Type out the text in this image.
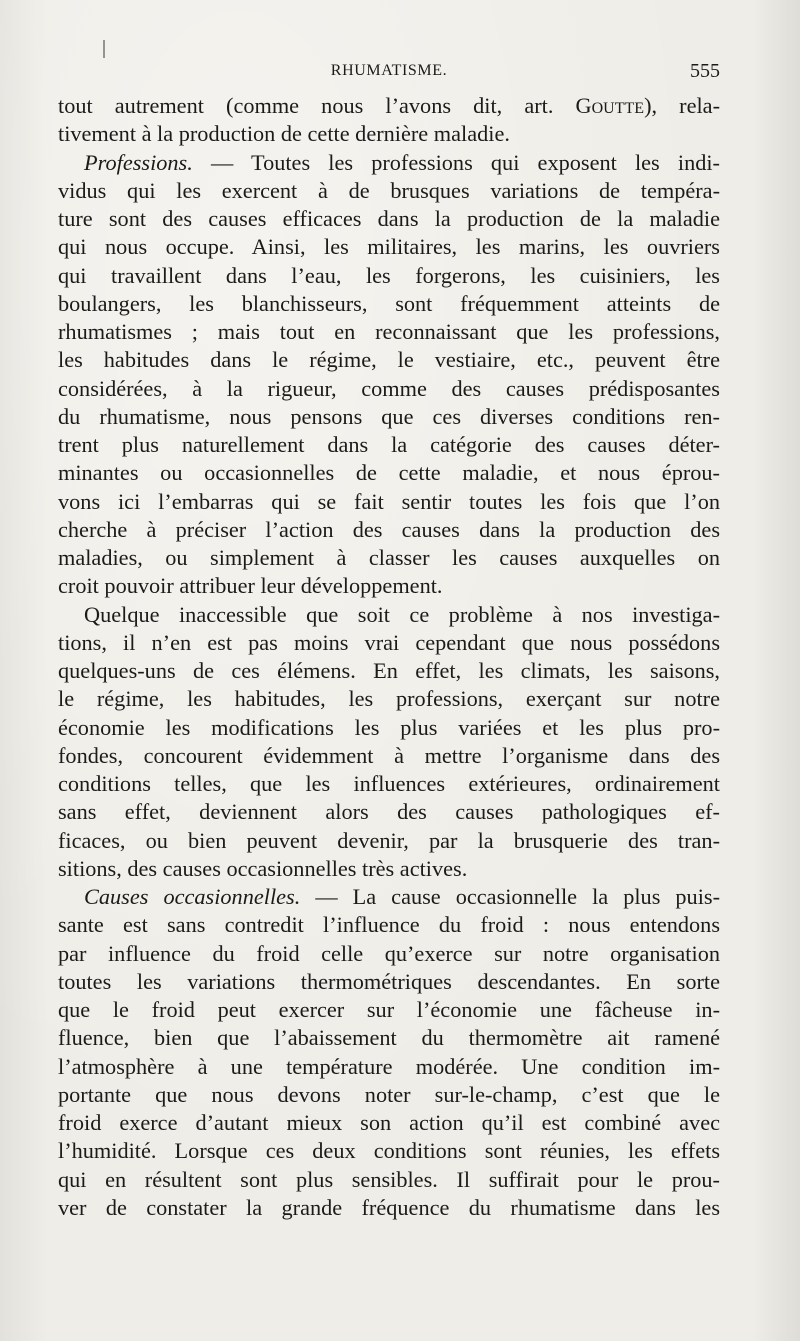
RHUMATISME.	555
tout autrement (comme nous l’avons dit, art. Goutte), rela-
tivement à la production de cette dernière maladie.
Professions. — Toutes les professions qui exposent les indi-
vidus qui les exercent à de brusques variations de tempéra-
ture sont des causes efficaces dans la production de la maladie
qui nous occupe. Ainsi, les militaires, les marins, les ouvriers
qui travaillent dans l’eau, les forgerons, les cuisiniers, les
boulangers, les blanchisseurs, sont fréquemment atteints de
rhumatismes ; mais tout en reconnaissant que les professions,
les habitudes dans le régime, le vestiaire, etc., peuvent être
considérées, à la rigueur, comme des causes prédisposantes
du rhumatisme, nous pensons que ces diverses conditions ren-
trent plus naturellement dans la catégorie des causes déter-
minantes ou occasionnelles de cette maladie, et nous éprou-
vons ici l’embarras qui se fait sentir toutes les fois que l’on
cherche à préciser l’action des causes dans la production des
maladies, ou simplement à classer les causes auxquelles on
croit pouvoir attribuer leur développement.
Quelque inaccessible que soit ce problème à nos investiga-
tions, il n’en est pas moins vrai cependant que nous possédons
quelques-uns de ces élémens. En effet, les climats, les saisons,
le régime, les habitudes, les professions, exerçant sur notre
économie les modifications les plus variées et les plus pro-
fondes, concourent évidemment à mettre l’organisme dans des
conditions telles, que les influences extérieures, ordinairement
sans effet, deviennent alors des causes pathologiques ef-
ficaces, ou bien peuvent devenir, par la brusquerie des tran-
sitions, des causes occasionnelles très actives.
Causes occasionnelles. — La cause occasionnelle la plus puis-
sante est sans contredit l’influence du froid : nous entendons
par influence du froid celle qu’exerce sur notre organisation
toutes les variations thermométriques descendantes. En sorte
que le froid peut exercer sur l’économie une fâcheuse in-
fluence, bien que l’abaissement du thermomètre ait ramené
l’atmosphère à une température modérée. Une condition im-
portante que nous devons noter sur-le-champ, c’est que le
froid exerce d’autant mieux son action qu’il est combiné avec
l’humidité. Lorsque ces deux conditions sont réunies, les effets
qui en résultent sont plus sensibles. Il suffirait pour le prou-
ver de constater la grande fréquence du rhumatisme dans les
